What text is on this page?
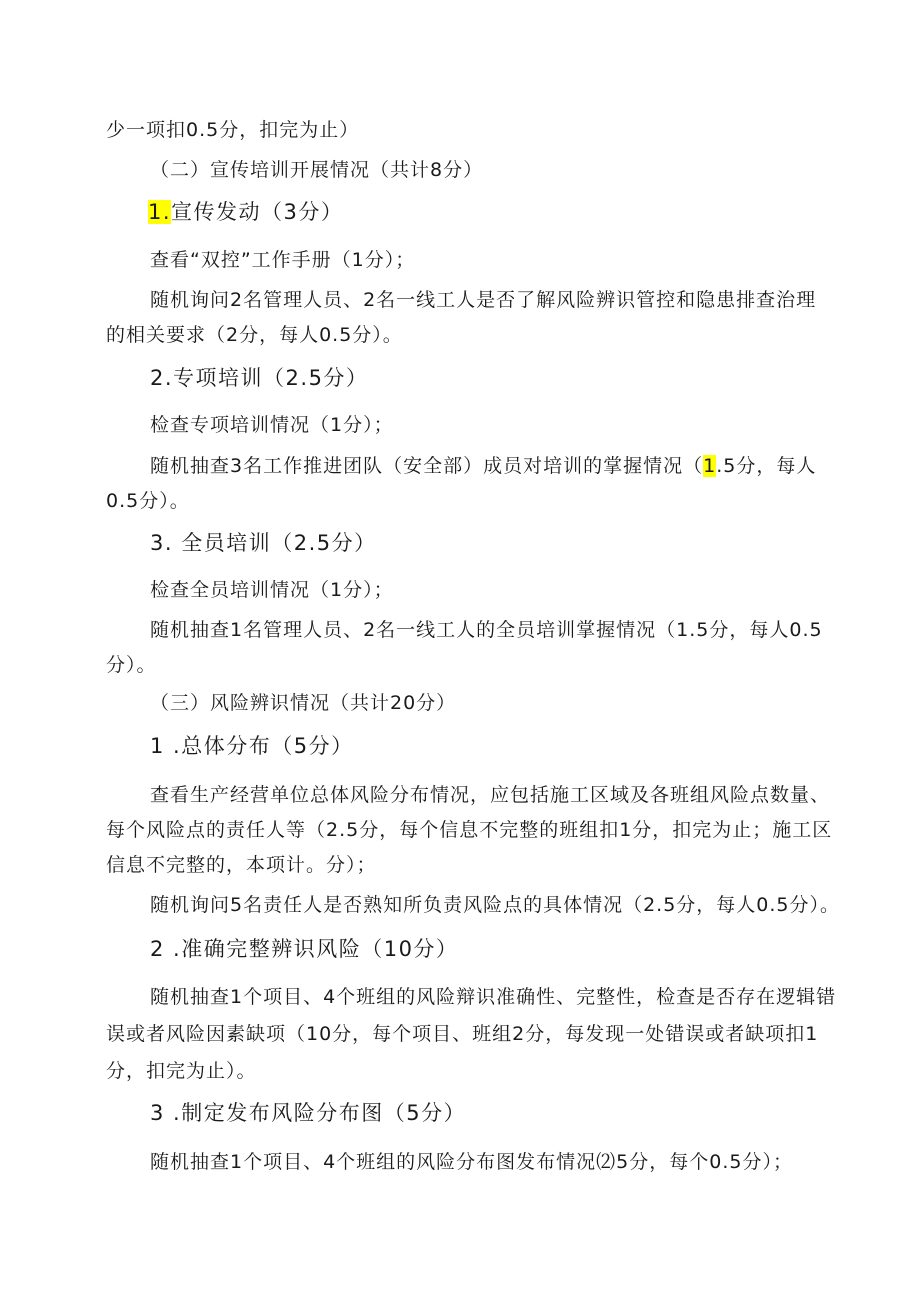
少一项扣0.5分，扣完为止）
（二）宣传培训开展情况（共计8分）
1.宣传发动（3分）
查看“双控”工作手册（1分）；
随机询问2名管理人员、2名一线工人是否了解风险辨识管控和隐患排查治理
的相关要求（2分，每人0.5分）。
2.专项培训（2.5分）
检查专项培训情况（1分）；
随机抽查3名工作推进团队（安全部）成员对培训的掌握情况（1.5分，每人
0.5分）。
3. 全员培训（2.5分）
检查全员培训情况（1分）；
随机抽查1名管理人员、2名一线工人的全员培训掌握情况（1.5分，每人0.5
分）。
（三）风险辨识情况（共计20分）
1 .总体分布（5分）
查看生产经营单位总体风险分布情况，应包括施工区域及各班组风险点数量、
每个风险点的责任人等（2.5分，每个信息不完整的班组扣1分，扣完为止；施工区
信息不完整的，本项计。分）；
随机询问5名责任人是否熟知所负责风险点的具体情况（2.5分，每人0.5分）。
2 .准确完整辨识风险（10分）
随机抽查1个项目、4个班组的风险辩识准确性、完整性，检查是否存在逻辑错
误或者风险因素缺项（10分，每个项目、班组2分，每发现一处错误或者缺项扣1
分，扣完为止）。
3 .制定发布风险分布图（5分）
随机抽查1个项目、4个班组的风险分布图发布情况⑵5分，每个0.5分）；
